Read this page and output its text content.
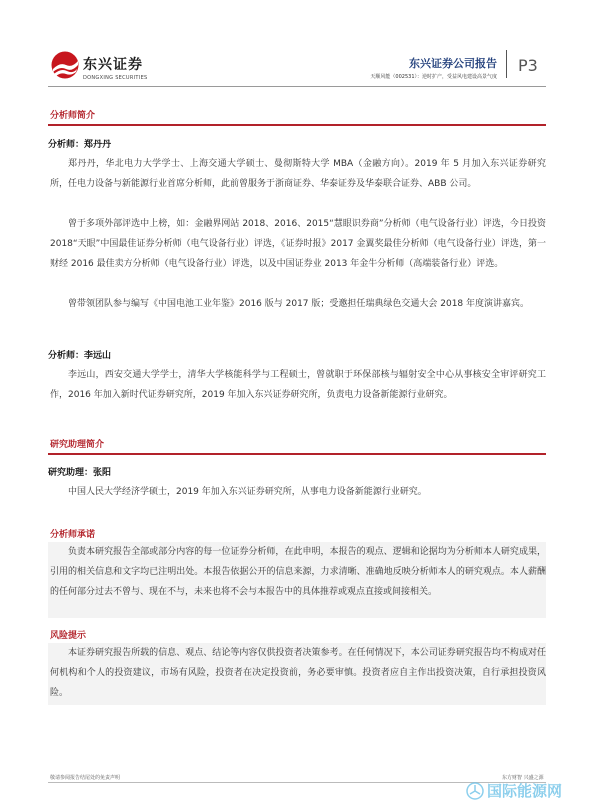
东兴证券
DONGXING SECURITIES
东兴证券公司报告
天顺风能（002531）：逆时扩产，受益风电建设高景气度
P3
分析师简介
分析师：郑丹丹
郑丹丹，华北电力大学学士、上海交通大学硕士、曼彻斯特大学 MBA（金融方向）。2019 年 5 月加入东兴证券研究所，任电力设备与新能源行业首席分析师，此前曾服务于浙商证券、华泰证券及华泰联合证券、ABB 公司。
曾于多项外部评选中上榜，如：金融界网站 2018、2016、2015“慧眼识券商”分析师（电气设备行业）评选，今日投资 2018“天眼”中国最佳证券分析师（电气设备行业）评选，《证券时报》2017 金翼奖最佳分析师（电气设备行业）评选，第一财经 2016 最佳卖方分析师（电气设备行业）评选，以及中国证券业 2013 年金牛分析师（高端装备行业）评选。
曾带领团队参与编写《中国电池工业年鉴》2016 版与 2017 版；受邀担任瑞典绿色交通大会 2018 年度演讲嘉宾。
分析师：李远山
李远山，西安交通大学学士，清华大学核能科学与工程硕士，曾就职于环保部核与辐射安全中心从事核安全审评研究工作，2016 年加入新时代证券研究所，2019 年加入东兴证券研究所，负责电力设备新能源行业研究。
研究助理简介
研究助理：张阳
中国人民大学经济学硕士，2019 年加入东兴证券研究所，从事电力设备新能源行业研究。
分析师承诺
负责本研究报告全部或部分内容的每一位证券分析师，在此申明，本报告的观点、逻辑和论据均为分析师本人研究成果，引用的相关信息和文字均已注明出处。本报告依据公开的信息来源，力求清晰、准确地反映分析师本人的研究观点。本人薪酬的任何部分过去不曾与、现在不与，未来也将不会与本报告中的具体推荐或观点直接或间接相关。
风险提示
本证券研究报告所载的信息、观点、结论等内容仅供投资者决策参考。在任何情况下，本公司证券研究报告均不构成对任何机构和个人的投资建议，市场有风险，投资者在决定投资前，务必要审慎。投资者应自主作出投资决策，自行承担投资风险。
敬请参阅报告结尾处的免责声明	东方财智 兴盛之源
国际能源网
